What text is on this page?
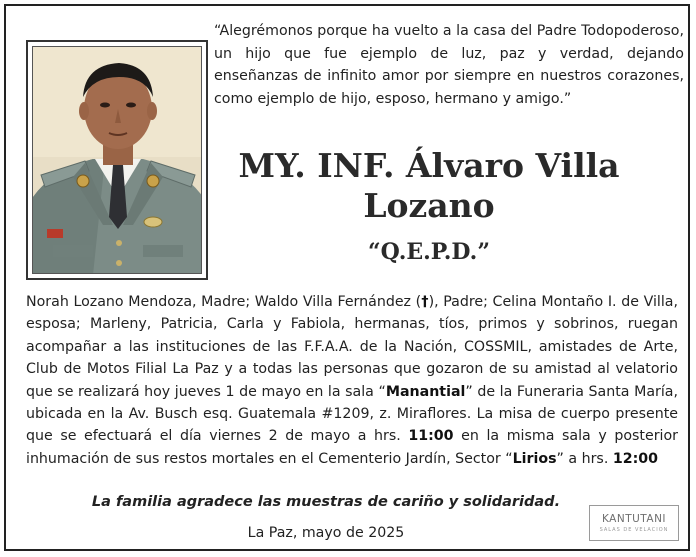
“Alegrémonos porque ha vuelto a la casa del Padre Todopoderoso, un hijo que fue ejemplo de luz, paz y verdad, dejando enseñanzas de infinito amor por siempre en nuestros corazones, como ejemplo de hijo, esposo, hermano y amigo.”

MY. INF. Álvaro Villa
Lozano
“Q.E.P.D.”

Norah Lozano Mendoza, Madre; Waldo Villa Fernández (†), Padre; Celina Montaño I. de Villa, esposa; Marleny, Patricia, Carla y Fabiola, hermanas, tíos, primos y sobrinos, ruegan acompañar a las instituciones de las F.F.A.A. de la Nación, COSSMIL, amistades de Arte, Club de Motos Filial La Paz y a todas las personas que gozaron de su amistad al velatorio que se realizará hoy jueves 1 de mayo en la sala “Manantial” de la Funeraria Santa María, ubicada en la Av. Busch esq. Guatemala #1209, z. Miraflores. La misa de cuerpo presente que se efectuará el día viernes 2 de mayo a hrs. 11:00 en la misma sala y posterior inhumación de sus restos mortales en el Cementerio Jardín, Sector “Lirios” a hrs. 12:00

La familia agradece las muestras de cariño y solidaridad.
La Paz, mayo de 2025
KANTUTANI
SALAS DE VELACION
